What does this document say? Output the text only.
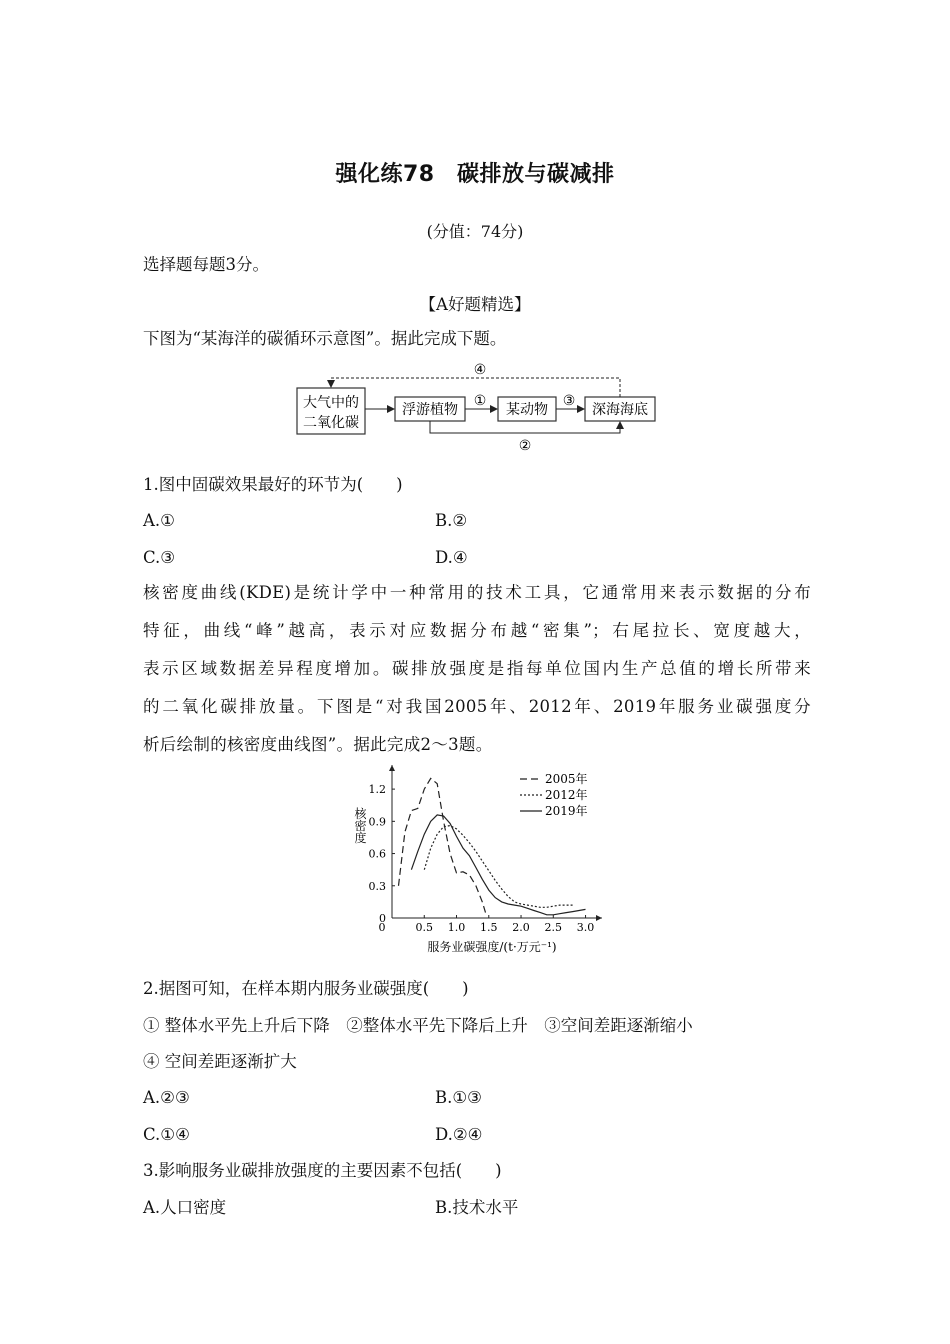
强化练78　碳排放与碳减排
(分值：74分)
选择题每题3分。
【A好题精选】
下图为“某海洋的碳循环示意图”。据此完成下题。
大气中的
二氧化碳
浮游植物	某动物	深海海底
①	③
②
④
1.图中固碳效果最好的环节为(　　)
A.①	B.②
C.③	D.④
核密度曲线(KDE)是统计学中一种常用的技术工具，它通常用来表示数据的分布
特征，曲线“峰”越高，表示对应数据分布越“密集”；右尾拉长、宽度越大，
表示区域数据差异程度增加。碳排放强度是指每单位国内生产总值的增长所带来
的二氧化碳排放量。下图是“对我国2005年、2012年、2019年服务业碳强度分
析后绘制的核密度曲线图”。据此完成2～3题。
0	0.5 1.0 1.5 2.0 2.5 3.0
0
0.3
0.6
0.9
1.2
服务业碳强度/(t·万元⁻¹)
核密度
2005年
2012年
2019年
2.据图可知，在样本期内服务业碳强度(　　)
① 整体水平先上升后下降　②整体水平先下降后上升　③空间差距逐渐缩小
④ 空间差距逐渐扩大
A.②③	B.①③
C.①④	D.②④
3.影响服务业碳排放强度的主要因素不包括(　　)
A.人口密度	B.技术水平
